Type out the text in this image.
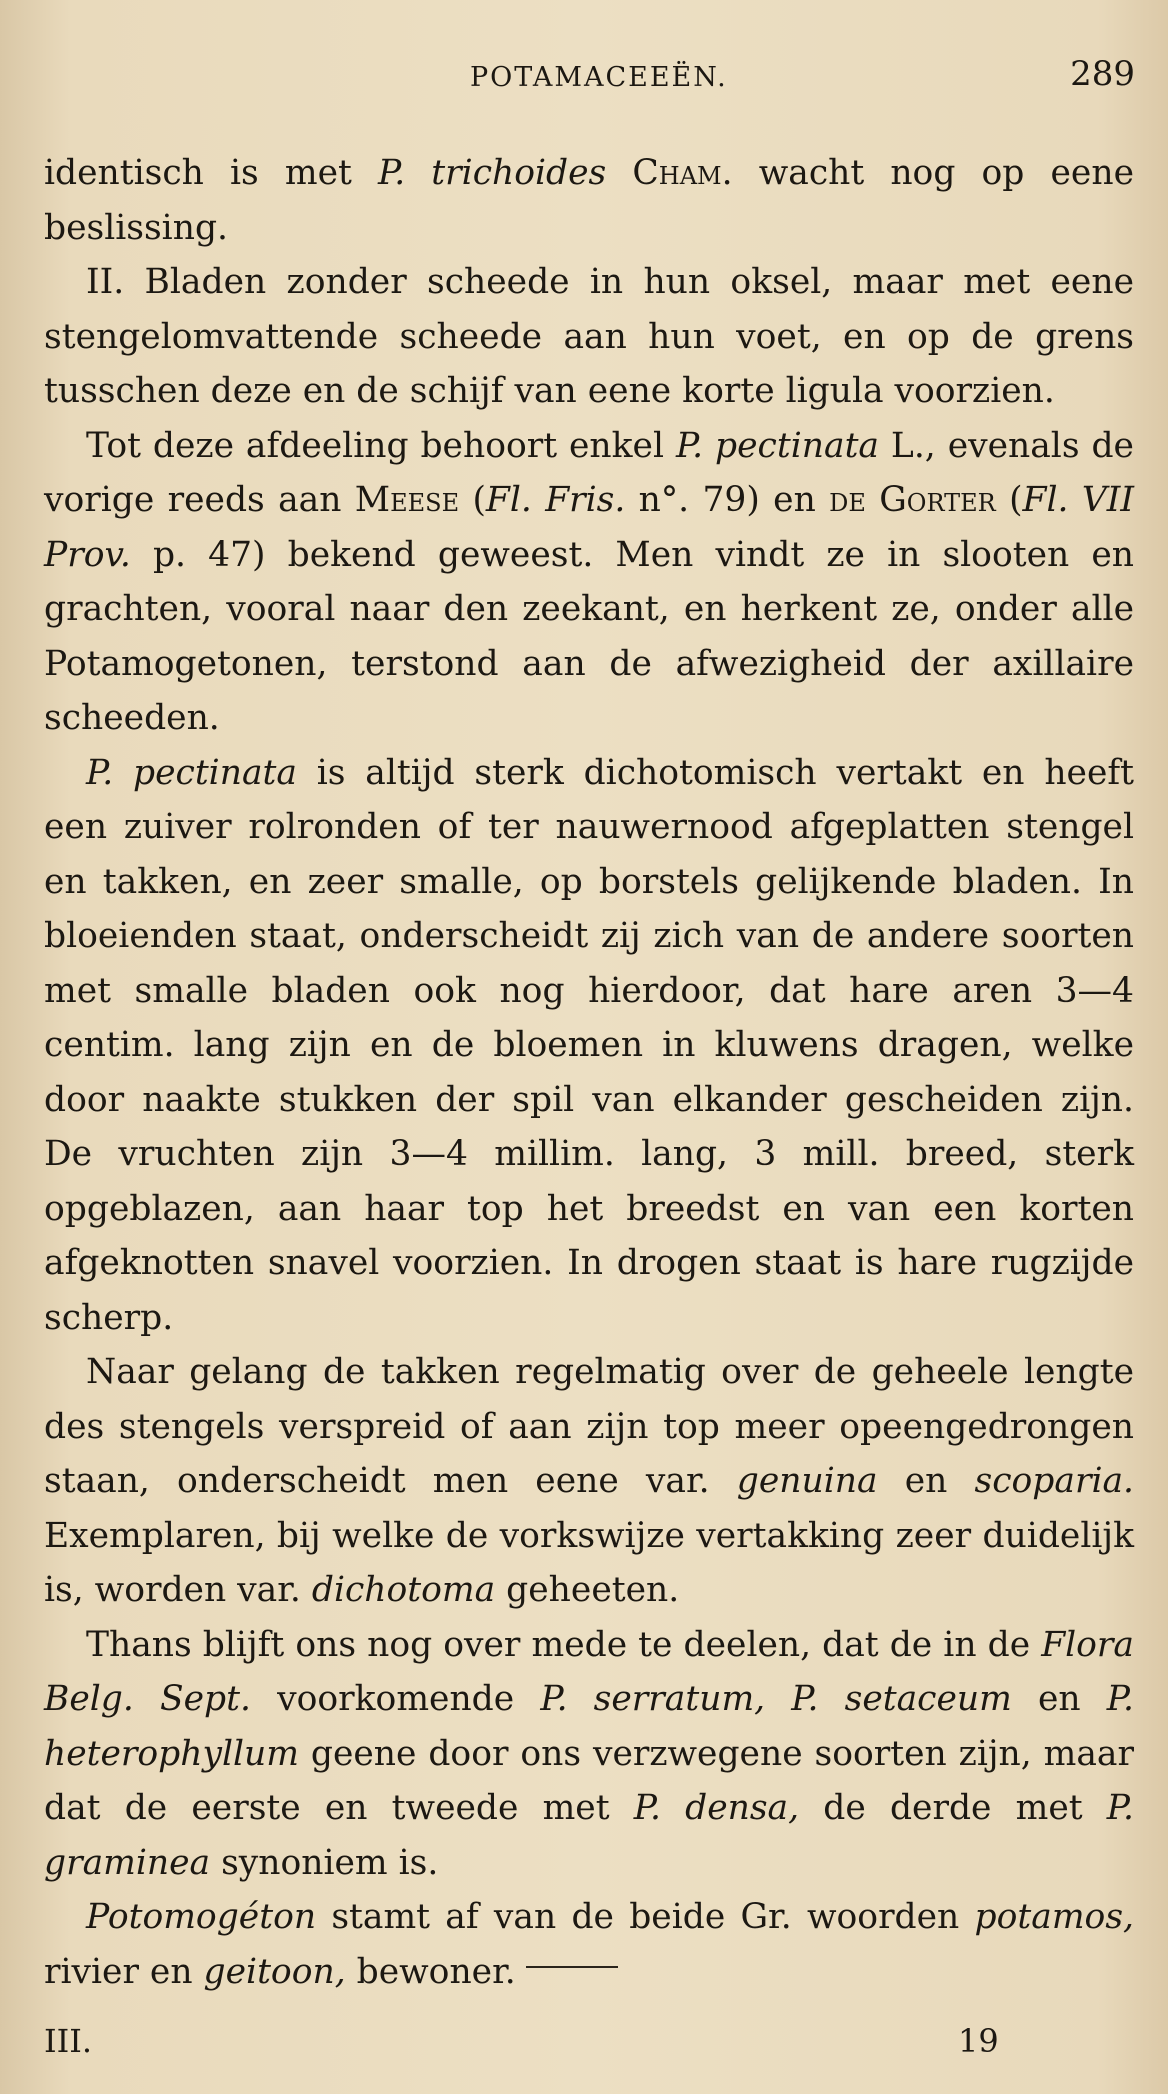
POTAMACEEËN.	289

identisch is met P. trichoides Cham. wacht nog op eene beslissing.

II. Bladen zonder scheede in hun oksel, maar met eene stengelomvattende scheede aan hun voet, en op de grens tusschen deze en de schijf van eene korte ligula voorzien.

Tot deze afdeeling behoort enkel P. pectinata L., evenals de vorige reeds aan Meese (Fl. Fris. n°. 79) en de Gorter (Fl. VII Prov. p. 47) bekend geweest. Men vindt ze in slooten en grachten, vooral naar den zeekant, en herkent ze, onder alle Potamogetonen, terstond aan de afwezigheid der axillaire scheeden.

P. pectinata is altijd sterk dichotomisch vertakt en heeft een zuiver rolronden of ter nauwernood afgeplatten stengel en takken, en zeer smalle, op borstels gelijkende bladen. In bloeienden staat, onderscheidt zij zich van de andere soorten met smalle bladen ook nog hierdoor, dat hare aren 3—4 centim. lang zijn en de bloemen in kluwens dragen, welke door naakte stukken der spil van elkander gescheiden zijn. De vruchten zijn 3—4 millim. lang, 3 mill. breed, sterk opgeblazen, aan haar top het breedst en van een korten afgeknotten snavel voorzien. In drogen staat is hare rugzijde scherp.

Naar gelang de takken regelmatig over de geheele lengte des stengels verspreid of aan zijn top meer opeengedrongen staan, onderscheidt men eene var. genuina en scoparia. Exemplaren, bij welke de vorkswijze vertakking zeer duidelijk is, worden var. dichotoma geheeten.

Thans blijft ons nog over mede te deelen, dat de in de Flora Belg. Sept. voorkomende P. serratum, P. setaceum en P. heterophyllum geene door ons verzwegene soorten zijn, maar dat de eerste en tweede met P. densa, de derde met P. graminea synoniem is.

Potomogéton stamt af van de beide Gr. woorden potamos, rivier en geitoon, bewoner.

III.	19
